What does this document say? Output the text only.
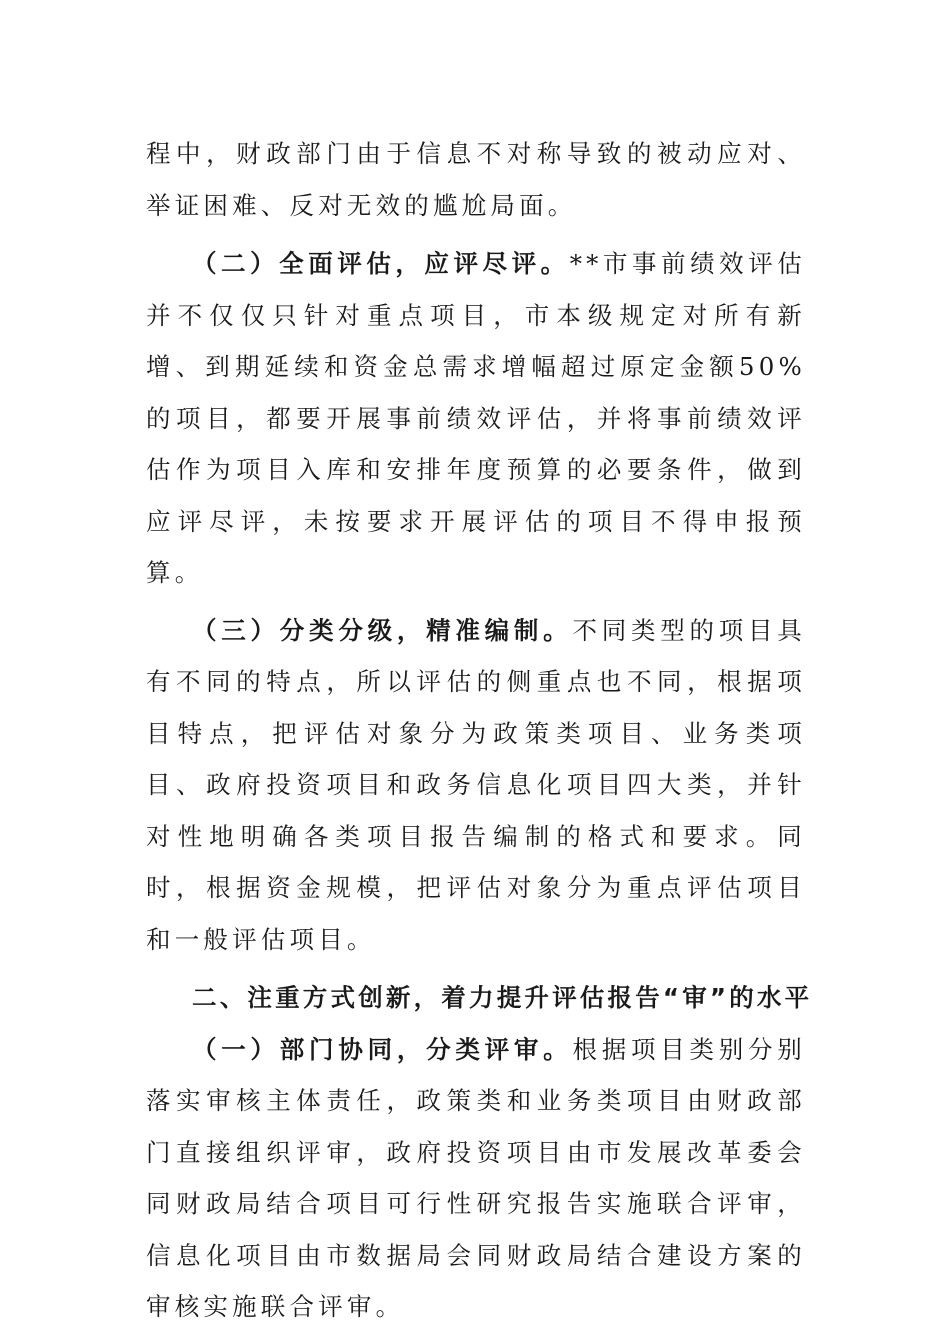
程中，财政部门由于信息不对称导致的被动应对、举证困难、反对无效的尴尬局面。

（二）全面评估，应评尽评。**市事前绩效评估并不仅仅只针对重点项目，市本级规定对所有新增、到期延续和资金总需求增幅超过原定金额50%的项目，都要开展事前绩效评估，并将事前绩效评估作为项目入库和安排年度预算的必要条件，做到应评尽评，未按要求开展评估的项目不得申报预算。

（三）分类分级，精准编制。不同类型的项目具有不同的特点，所以评估的侧重点也不同，根据项目特点，把评估对象分为政策类项目、业务类项目、政府投资项目和政务信息化项目四大类，并针对性地明确各类项目报告编制的格式和要求。同时，根据资金规模，把评估对象分为重点评估项目和一般评估项目。

二、注重方式创新，着力提升评估报告“审”的水平

（一）部门协同，分类评审。根据项目类别分别落实审核主体责任，政策类和业务类项目由财政部门直接组织评审，政府投资项目由市发展改革委会同财政局结合项目可行性研究报告实施联合评审，信息化项目由市数据局会同财政局结合建设方案的审核实施联合评审。
